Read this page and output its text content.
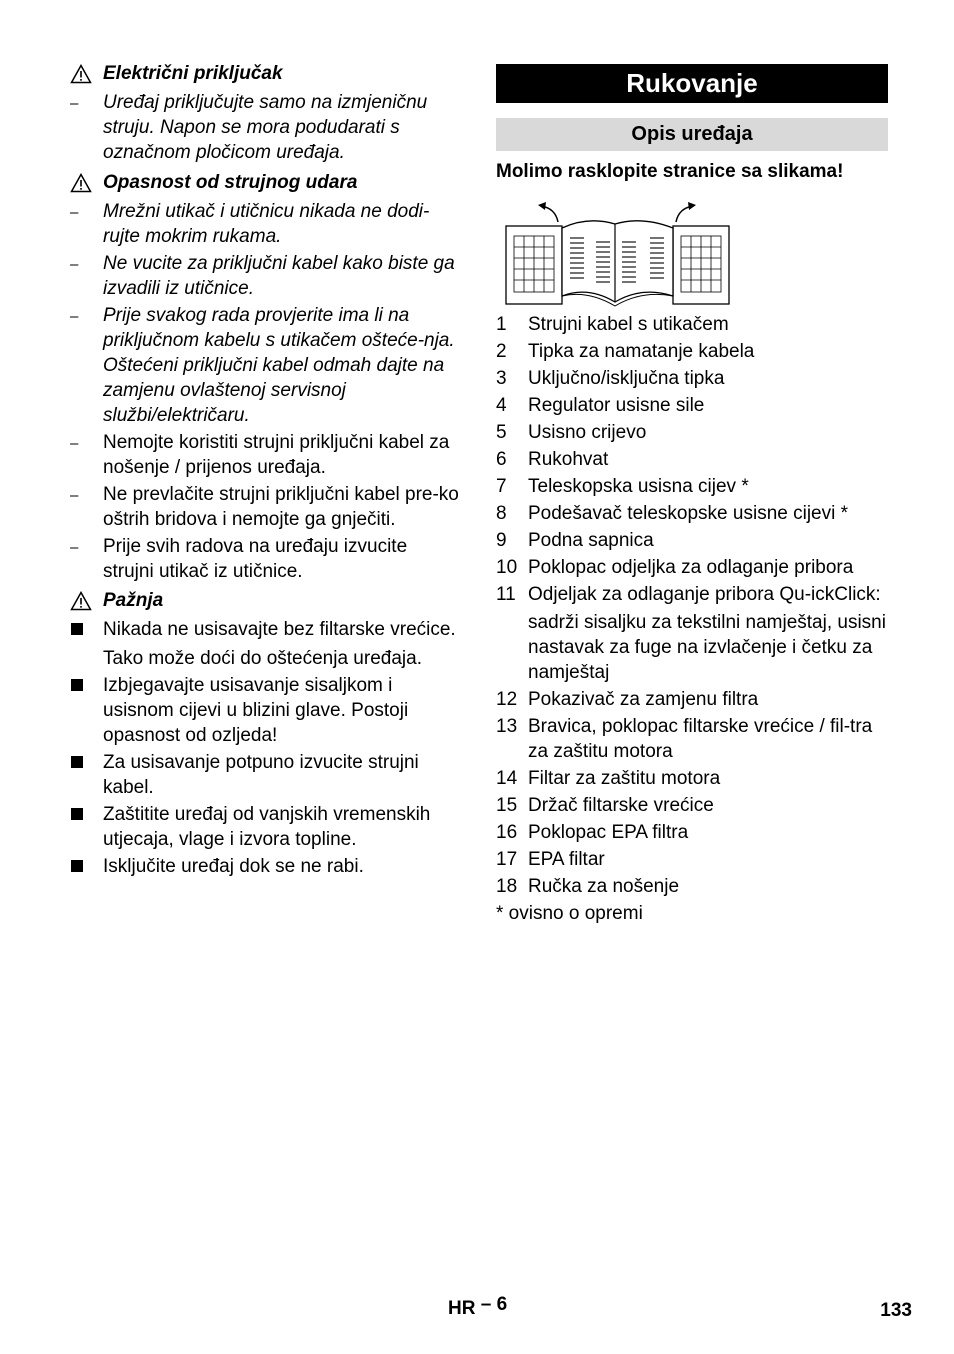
Električni priključak
–
Uređaj priključujte samo na izmjeničnu struju. Napon se mora podudarati s označnom pločicom uređaja.
Opasnost od strujnog udara
–
Mrežni utikač i utičnicu nikada ne dodi-rujte mokrim rukama.
–
Ne vucite za priključni kabel kako biste ga izvadili iz utičnice.
–
Prije svakog rada provjerite ima li na priključnom kabelu s utikačem ošteće-nja. Oštećeni priključni kabel odmah dajte na zamjenu ovlaštenoj servisnoj službi/električaru.
–
Nemojte koristiti strujni priključni kabel za nošenje / prijenos uređaja.
–
Ne prevlačite strujni priključni kabel pre-ko oštrih bridova i nemojte ga gnječiti.
–
Prije svih radova na uređaju izvucite strujni utikač iz utičnice.
Pažnja
Nikada ne usisavajte bez filtarske vrećice.
Tako može doći do oštećenja uređaja.
Izbjegavajte usisavanje sisaljkom i usisnom cijevi u blizini glave. Postoji opasnost od ozljeda!
Za usisavanje potpuno izvucite strujni kabel.
Zaštitite uređaj od vanjskih vremenskih utjecaja, vlage i izvora topline.
Isključite uređaj dok se ne rabi.
Rukovanje
Opis uređaja
Molimo rasklopite stranice sa slikama!
1 Strujni kabel s utikačem
2 Tipka za namatanje kabela
3 Uključno/isključna tipka
4 Regulator usisne sile
5 Usisno crijevo
6 Rukohvat
7 Teleskopska usisna cijev *
8 Podešavač teleskopske usisne cijevi *
9 Podna sapnica
10 Poklopac odjeljka za odlaganje pribora
11 Odjeljak za odlaganje pribora Qu-ickClick:
sadrži sisaljku za tekstilni namještaj, usisni nastavak za fuge na izvlačenje i četku za namještaj
12 Pokazivač za zamjenu filtra
13 Bravica, poklopac filtarske vrećice / fil-tra za zaštitu motora
14 Filtar za zaštitu motora
15 Držač filtarske vrećice
16 Poklopac EPA filtra
17 EPA filtar
18 Ručka za nošenje
* ovisno o opremi
HR – 6	133
